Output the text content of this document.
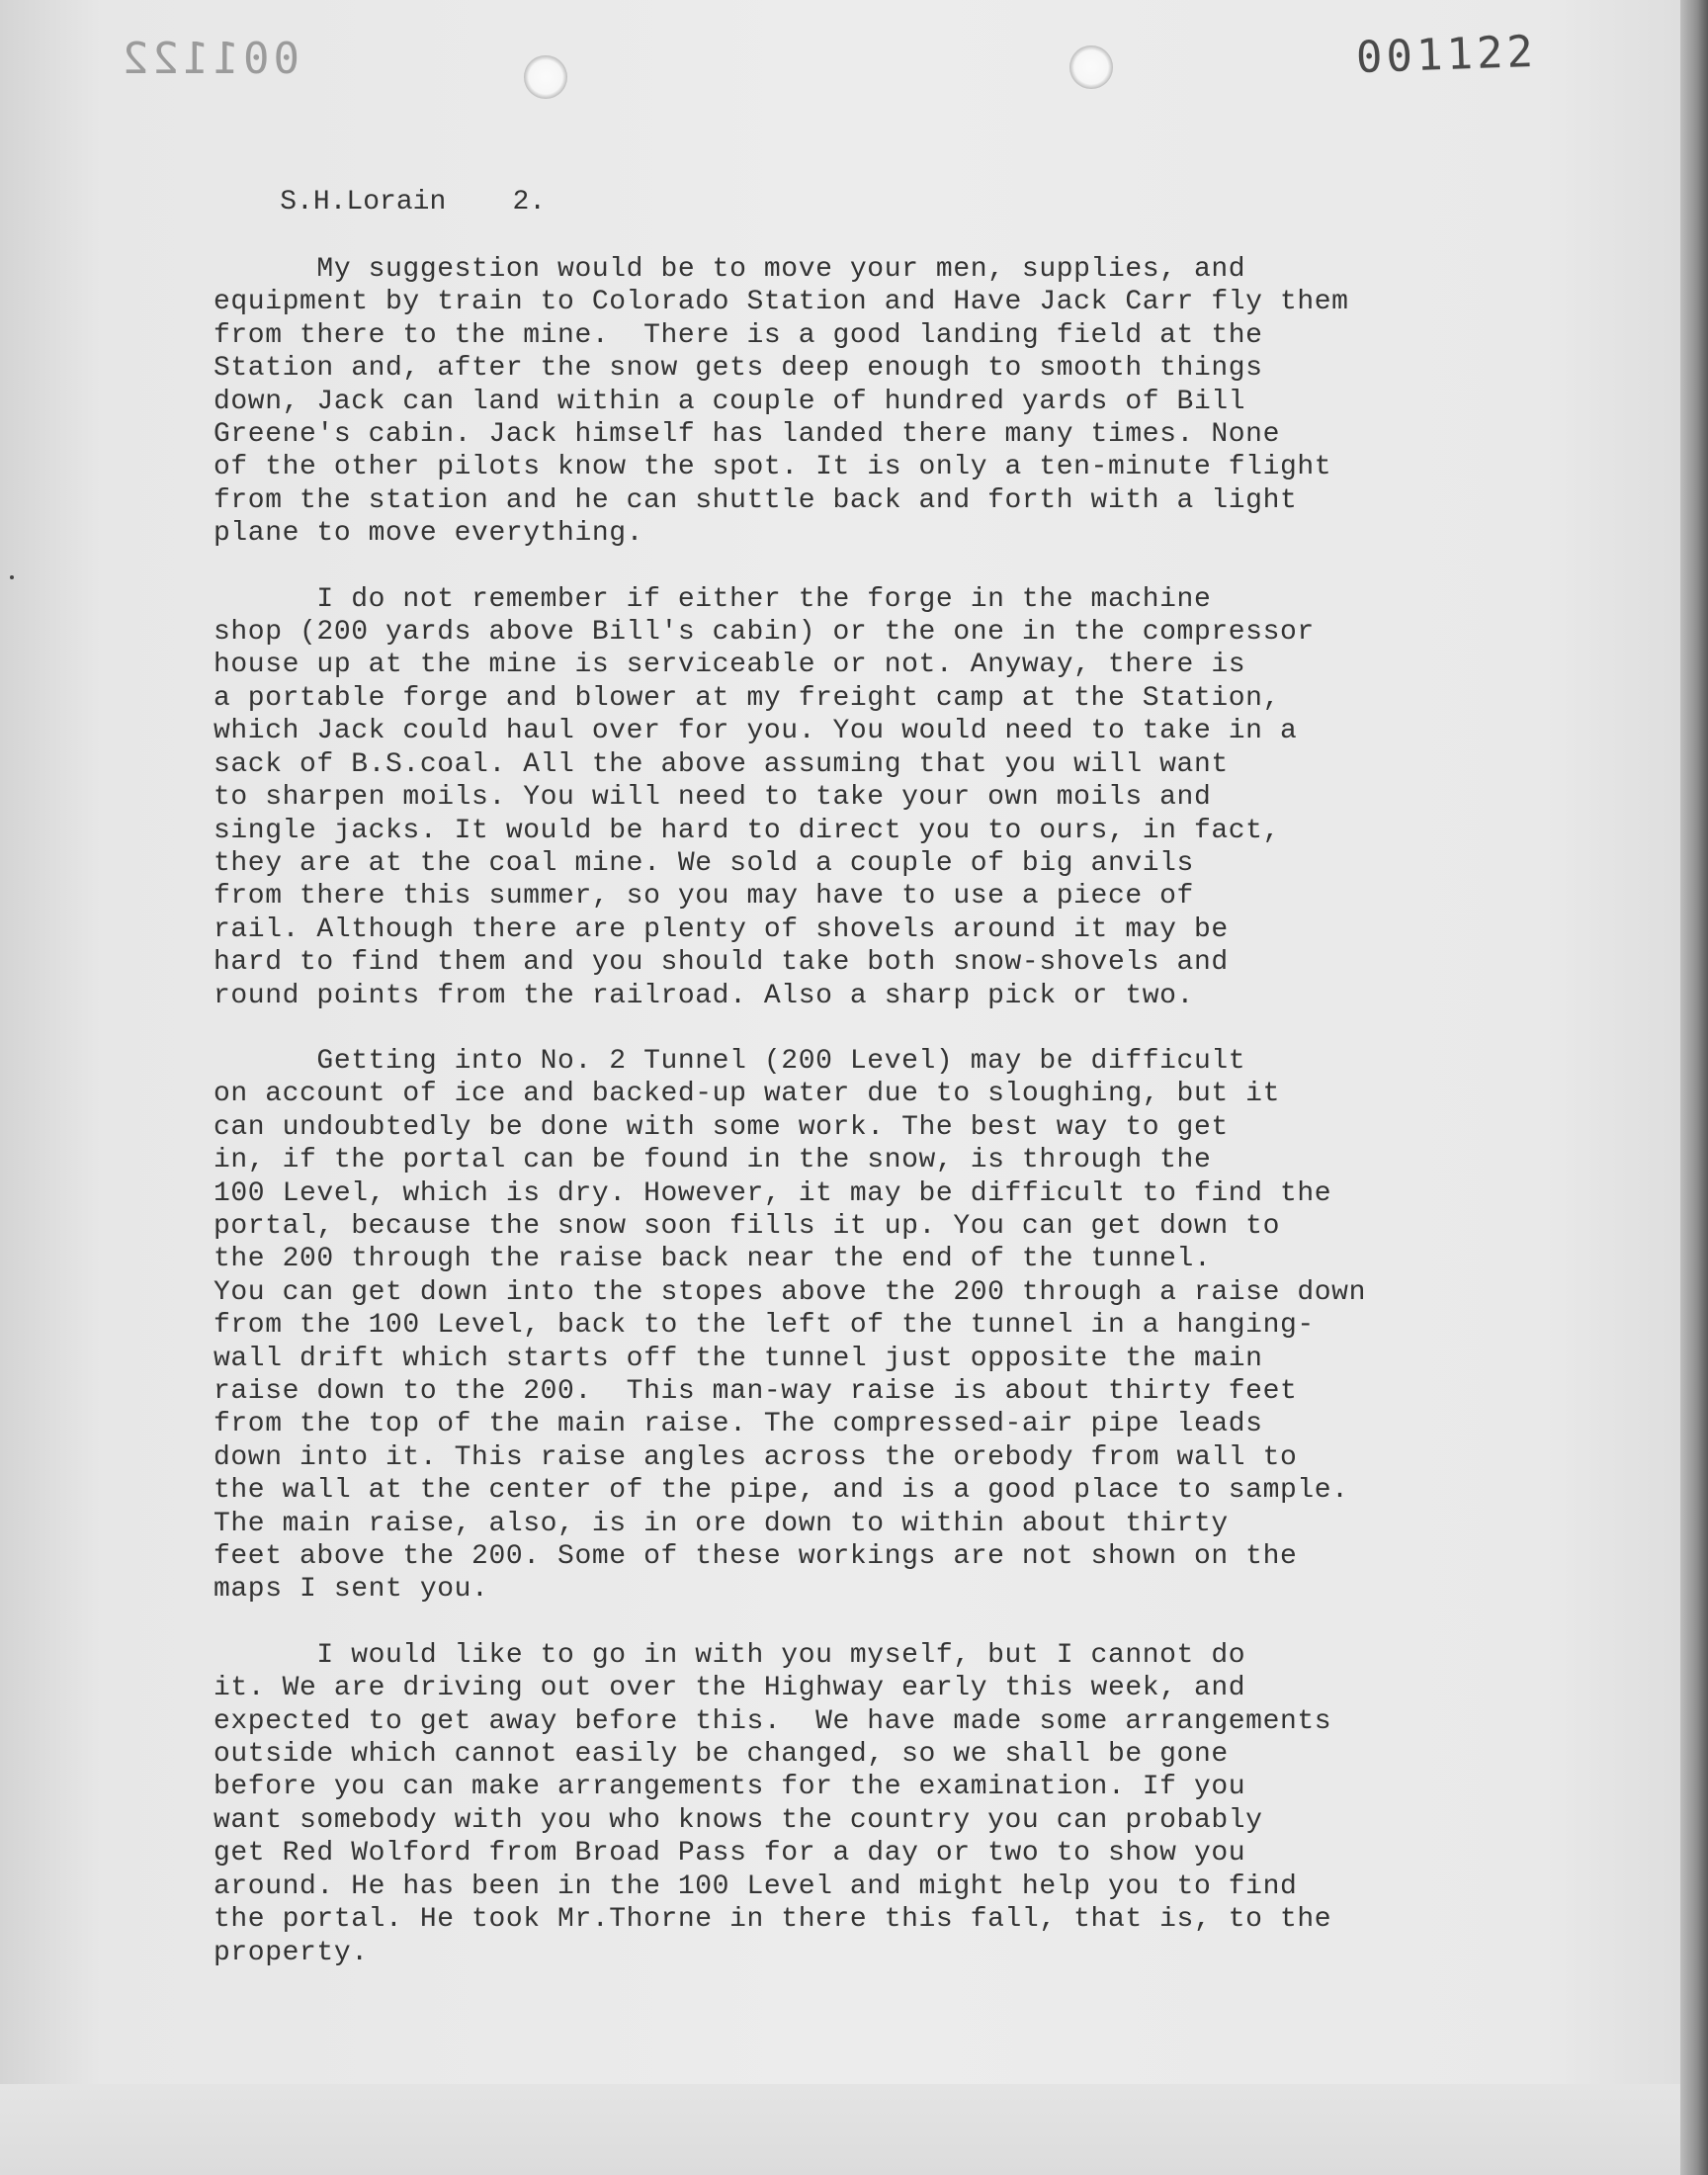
001122	001122

S.H.Lorain 2.

My suggestion would be to move your men, supplies, and
equipment by train to Colorado Station and Have Jack Carr fly them
from there to the mine.  There is a good landing field at the
Station and, after the snow gets deep enough to smooth things
down, Jack can land within a couple of hundred yards of Bill
Greene's cabin. Jack himself has landed there many times. None
of the other pilots know the spot. It is only a ten-minute flight
from the station and he can shuttle back and forth with a light
plane to move everything.
I do not remember if either the forge in the machine
shop (200 yards above Bill's cabin) or the one in the compressor
house up at the mine is serviceable or not. Anyway, there is
a portable forge and blower at my freight camp at the Station,
which Jack could haul over for you. You would need to take in a
sack of B.S.coal. All the above assuming that you will want
to sharpen moils. You will need to take your own moils and
single jacks. It would be hard to direct you to ours, in fact,
they are at the coal mine. We sold a couple of big anvils
from there this summer, so you may have to use a piece of
rail. Although there are plenty of shovels around it may be
hard to find them and you should take both snow-shovels and
round points from the railroad. Also a sharp pick or two.
Getting into No. 2 Tunnel (200 Level) may be difficult
on account of ice and backed-up water due to sloughing, but it
can undoubtedly be done with some work. The best way to get
in, if the portal can be found in the snow, is through the
100 Level, which is dry. However, it may be difficult to find the
portal, because the snow soon fills it up. You can get down to
the 200 through the raise back near the end of the tunnel.
You can get down into the stopes above the 200 through a raise down
from the 100 Level, back to the left of the tunnel in a hanging-
wall drift which starts off the tunnel just opposite the main
raise down to the 200.  This man-way raise is about thirty feet
from the top of the main raise. The compressed-air pipe leads
down into it. This raise angles across the orebody from wall to
the wall at the center of the pipe, and is a good place to sample.
The main raise, also, is in ore down to within about thirty
feet above the 200. Some of these workings are not shown on the
maps I sent you.
I would like to go in with you myself, but I cannot do
it. We are driving out over the Highway early this week, and
expected to get away before this.  We have made some arrangements
outside which cannot easily be changed, so we shall be gone
before you can make arrangements for the examination. If you
want somebody with you who knows the country you can probably
get Red Wolford from Broad Pass for a day or two to show you
around. He has been in the 100 Level and might help you to find
the portal. He took Mr.Thorne in there this fall, that is, to the
property.
